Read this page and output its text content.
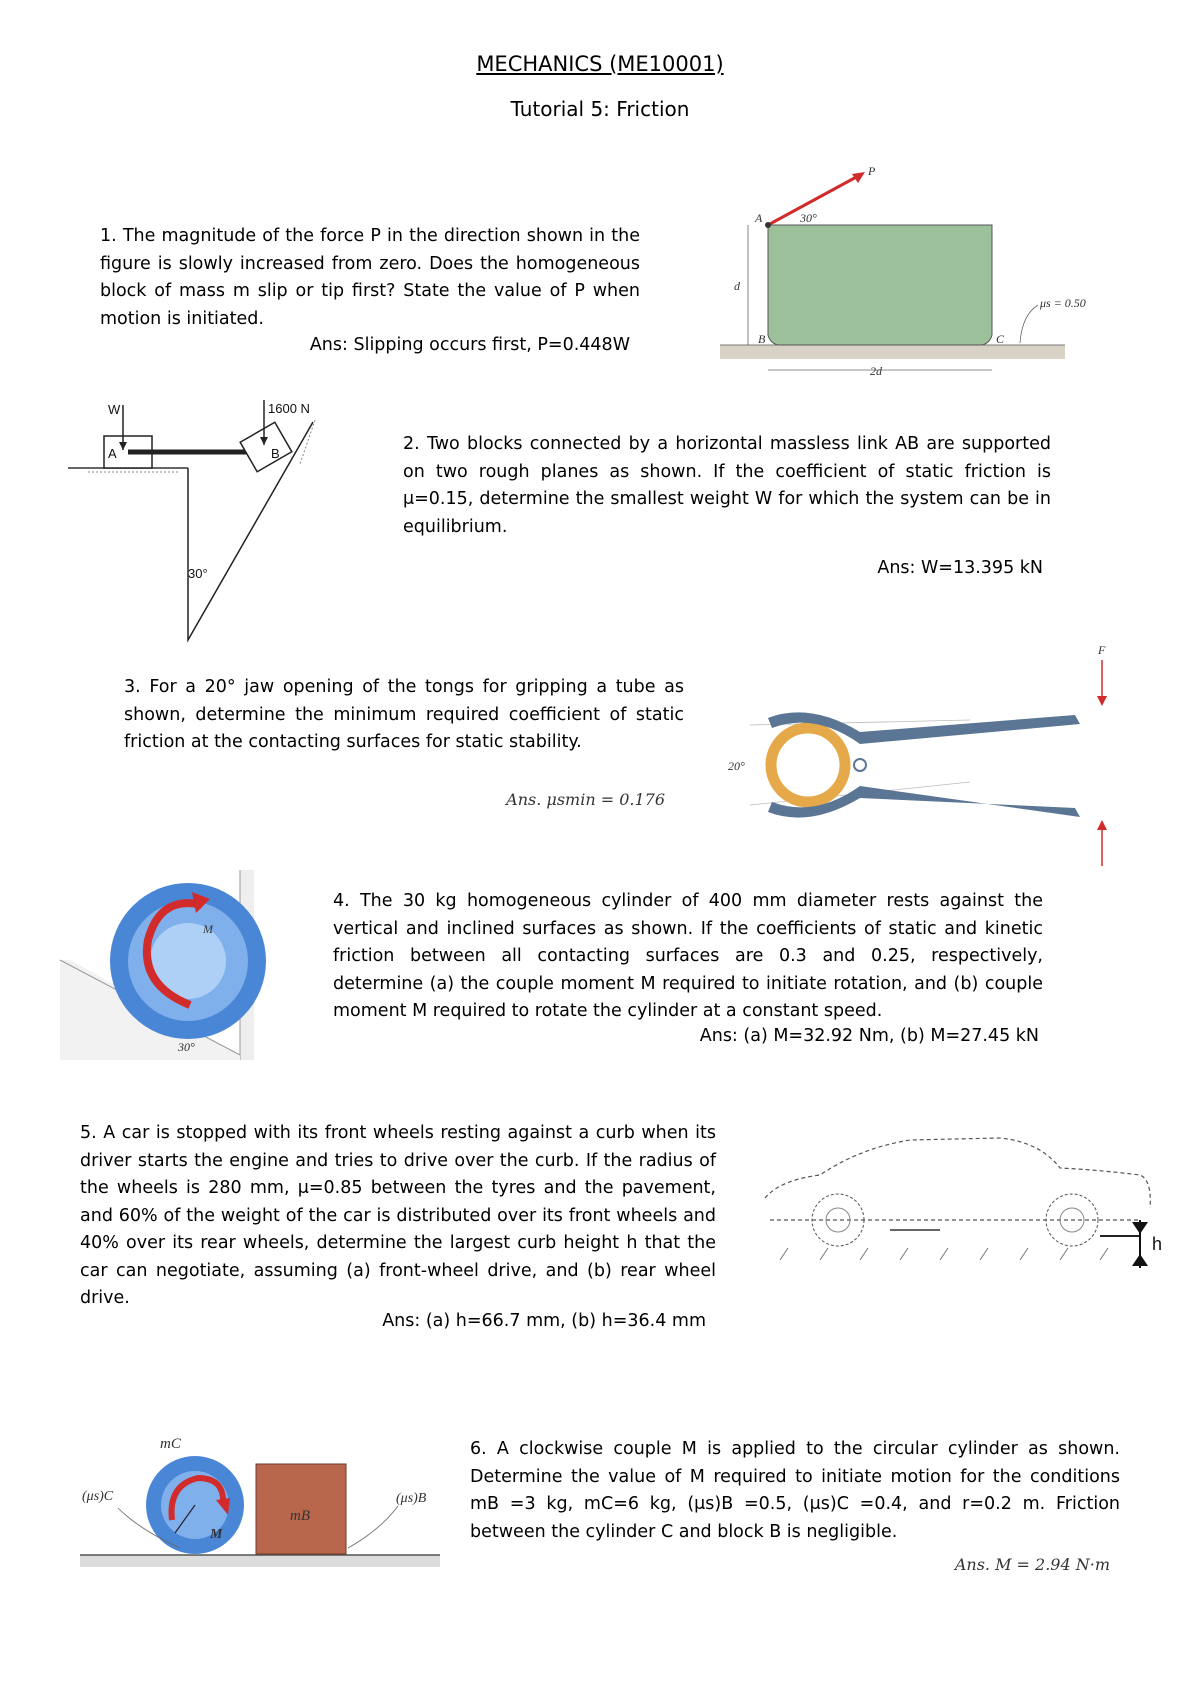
MECHANICS (ME10001)
Tutorial 5: Friction
1. The magnitude of the force P in the direction shown in the figure is slowly increased from zero. Does the homogeneous block of mass m slip or tip first? State the value of P when motion is initiated.
Ans: Slipping occurs first, P=0.448W
P
30°
A
B	C
d
2d
μs = 0.50
W
A
1600 N
B
30°
2. Two blocks connected by a horizontal massless link AB are supported on two rough planes as shown. If the coefficient of static friction is μ=0.15, determine the smallest weight W for which the system can be in equilibrium.
Ans: W=13.395 kN
3. For a 20° jaw opening of the tongs for gripping a tube as shown, determine the minimum required coefficient of static friction at the contacting surfaces for static stability.
Ans. μsmin = 0.176
20°
F
M
30°
4. The 30 kg homogeneous cylinder of 400 mm diameter rests against the vertical and inclined surfaces as shown. If the coefficients of static and kinetic friction between all contacting surfaces are 0.3 and 0.25, respectively, determine (a) the couple moment M required to initiate rotation, and (b) couple moment M required to rotate the cylinder at a constant speed.
Ans: (a) M=32.92 Nm, (b) M=27.45 kN
5. A car is stopped with its front wheels resting against a curb when its driver starts the engine and tries to drive over the curb. If the radius of the wheels is 280 mm, μ=0.85 between the tyres and the pavement, and 60% of the weight of the car is distributed over its front wheels and 40% over its rear wheels, determine the largest curb height h that the car can negotiate, assuming (a) front-wheel drive, and (b) rear wheel drive.
Ans: (a) h=66.7 mm, (b) h=36.4 mm
h
mC
mB
M
(μs)C	(μs)B
6. A clockwise couple M is applied to the circular cylinder as shown. Determine the value of M required to initiate motion for the conditions mB =3 kg, mC=6 kg, (μs)B =0.5, (μs)C =0.4, and r=0.2 m. Friction between the cylinder C and block B is negligible.
Ans. M = 2.94 N·m
